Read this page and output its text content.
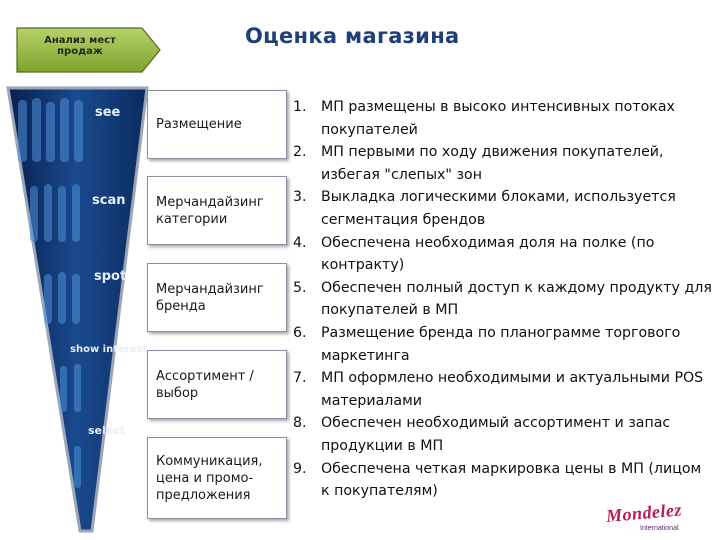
Анализ мест продаж
Оценка магазина
see
scan
spot
show interest
select
Размещение
Мерчандайзинг
категории
Мерчандайзинг
бренда
Ассортимент /
выбор
Коммуникация,
цена и промо-
предложения
1. МП размещены в высоко интенсивных потоках покупателей
2. МП первыми по ходу движения покупателей, избегая "слепых" зон
3. Выкладка логическими блоками, используется сегментация брендов
4. Обеспечена необходимая доля на полке (по контракту)
5. Обеспечен полный доступ к каждому продукту для покупателей в МП
6. Размещение бренда по планограмме торгового маркетинга
7. МП оформлено необходимыми и актуальными POS материалами
8. Обеспечен необходимый ассортимент и запас продукции в МП
9. Обеспечена четкая маркировка цены в МП (лицом к покупателям)
Mondelez
International
